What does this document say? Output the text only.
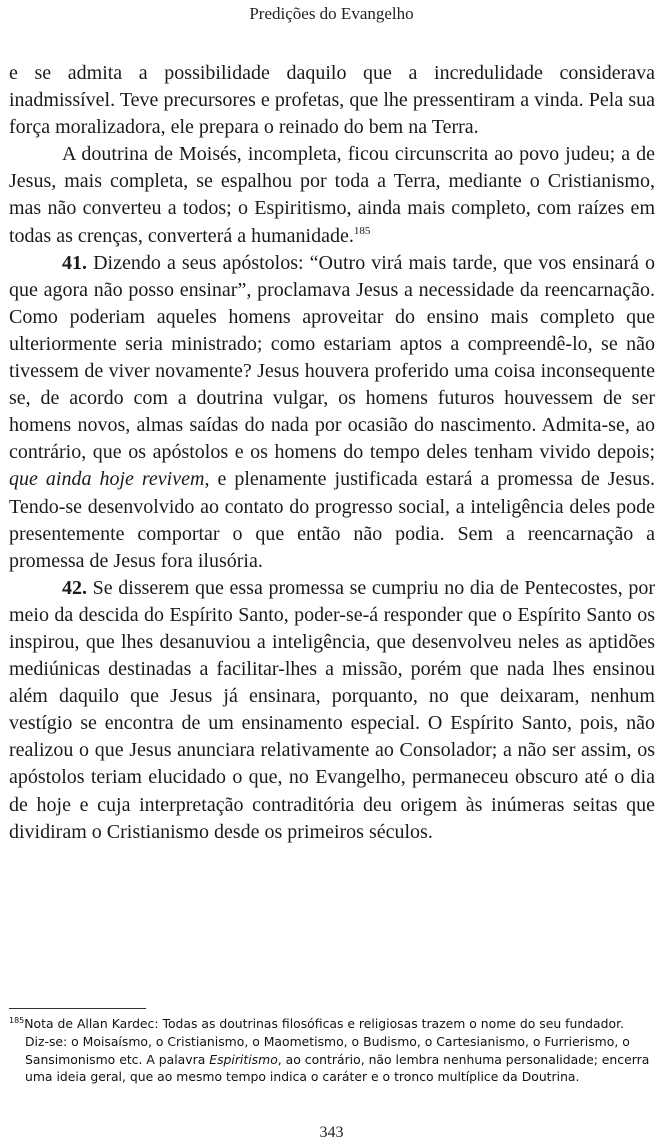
Predições do Evangelho

e se admita a possibilidade daquilo que a incredulidade considerava inadmissível. Teve precursores e profetas, que lhe pressentiram a vinda. Pela sua força moralizadora, ele prepara o reinado do bem na Terra.

A doutrina de Moisés, incompleta, ficou circunscrita ao povo judeu; a de Jesus, mais completa, se espalhou por toda a Terra, mediante o Cristianismo, mas não converteu a todos; o Espiritismo, ainda mais completo, com raízes em todas as crenças, converterá a humanidade.$^{185}$

41. Dizendo a seus apóstolos: “Outro virá mais tarde, que vos ensinará o que agora não posso ensinar”, proclamava Jesus a necessidade da reencarnação. Como poderiam aqueles homens aproveitar do ensino mais completo que ulteriormente seria ministrado; como estariam aptos a compreendê-lo, se não tivessem de viver novamente? Jesus houvera proferido uma coisa inconsequente se, de acordo com a doutrina vulgar, os homens futuros houvessem de ser homens novos, almas saídas do nada por ocasião do nascimento. Admita-se, ao contrário, que os apóstolos e os homens do tempo deles tenham vivido depois; que ainda hoje revivem, e plenamente justificada estará a promessa de Jesus. Tendo-se desenvolvido ao contato do progresso social, a inteligência deles pode presentemente comportar o que então não podia. Sem a reencarnação a promessa de Jesus fora ilusória.

42. Se disserem que essa promessa se cumpriu no dia de Pentecostes, por meio da descida do Espírito Santo, poder-se-á responder que o Espírito Santo os inspirou, que lhes desanuviou a inteligência, que desenvolveu neles as aptidões mediúnicas destinadas a facilitar-lhes a missão, porém que nada lhes ensinou além daquilo que Jesus já ensinara, porquanto, no que deixaram, nenhum vestígio se encontra de um ensinamento especial. O Espírito Santo, pois, não realizou o que Jesus anunciara relativamente ao Consolador; a não ser assim, os apóstolos teriam elucidado o que, no Evangelho, permaneceu obscuro até o dia de hoje e cuja interpretação contraditória deu origem às inúmeras seitas que dividiram o Cristianismo desde os primeiros séculos.

$^{185}$Nota de Allan Kardec: Todas as doutrinas filosóficas e religiosas trazem o nome do seu fundador.
Diz-se: o Moisaísmo, o Cristianismo, o Maometismo, o Budismo, o Cartesianismo, o Furrierismo, o
Sansimonismo etc. A palavra Espiritismo, ao contrário, não lembra nenhuma personalidade; encerra
uma ideia geral, que ao mesmo tempo indica o caráter e o tronco multíplice da Doutrina.

343
